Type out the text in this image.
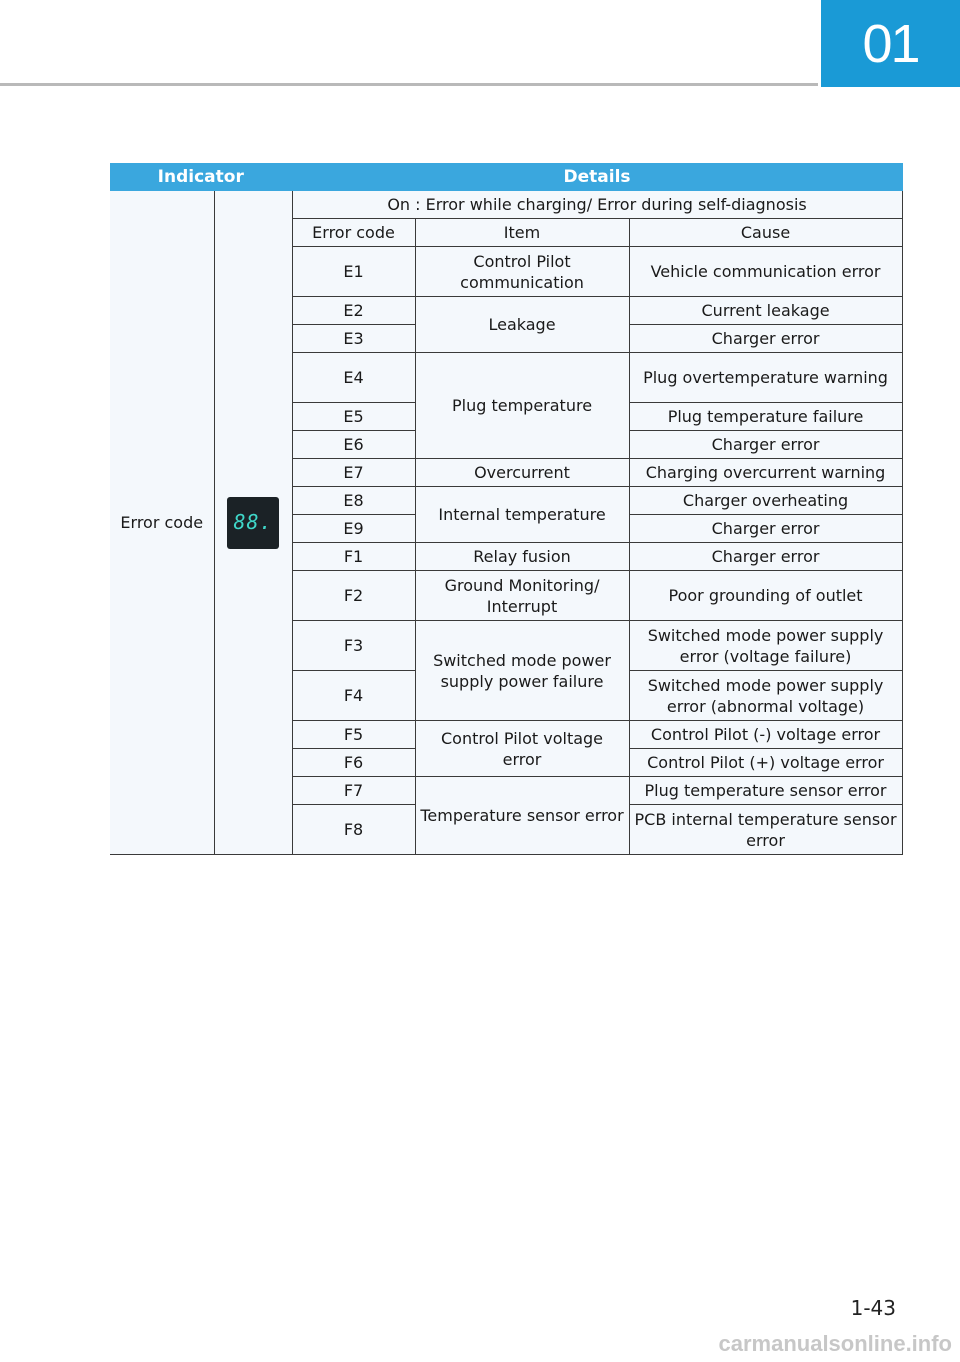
01
Indicator		Details		
Error code	88.	On : Error while charging/ Error during self-diagnosis		
		Error code	Item	Cause
		E1	Control Pilot communication	Vehicle communication error
		E2	Leakage	Current leakage
		E3		Charger error
		E4	Plug temperature	Plug overtemperature warning
		E5		Plug temperature failure
		E6		Charger error
		E7	Overcurrent	Charging overcurrent warning
		E8	Internal temperature	Charger overheating
		E9		Charger error
		F1	Relay fusion	Charger error
		F2	Ground Monitoring/ Interrupt	Poor grounding of outlet
		F3	Switched mode power supply power failure	Switched mode power supply error (voltage failure)
		F4		Switched mode power supply error (abnormal voltage)
		F5	Control Pilot voltage error	Control Pilot (-) voltage error
		F6		Control Pilot (+) voltage error
		F7	Temperature sensor error	Plug temperature sensor error
		F8		PCB internal temperature sensor error
1-43
carmanualsonline.info
